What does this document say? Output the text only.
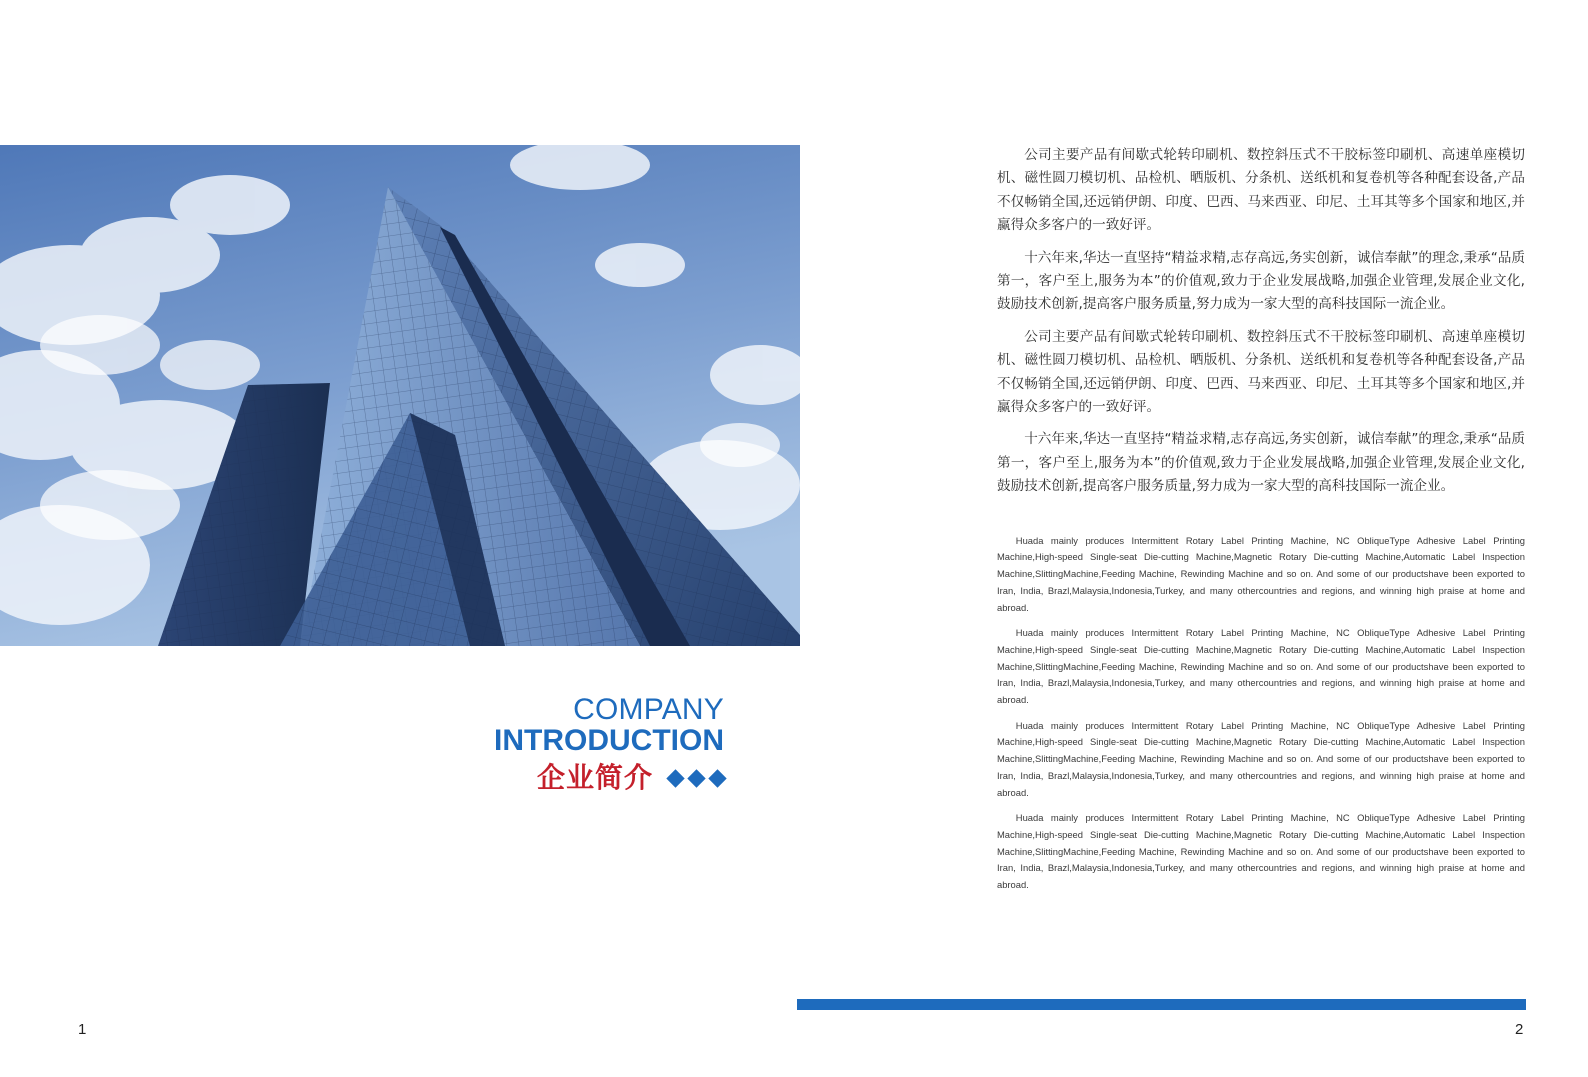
COMPANY
INTRODUCTION
企业简介
1

公司主要产品有间歇式轮转印刷机、数控斜压式不干胶标签印刷机、高速单座模切机、磁性圆刀模切机、品检机、晒版机、分条机、送纸机和复卷机等各种配套设备,产品不仅畅销全国,还远销伊朗、印度、巴西、马来西亚、印尼、土耳其等多个国家和地区,并赢得众多客户的一致好评。

十六年来,华达一直坚持“精益求精,志存高远,务实创新，诚信奉献”的理念,秉承“品质第一，客户至上,服务为本”的价值观,致力于企业发展战略,加强企业管理,发展企业文化,鼓励技术创新,提高客户服务质量,努力成为一家大型的高科技国际一流企业。

公司主要产品有间歇式轮转印刷机、数控斜压式不干胶标签印刷机、高速单座模切机、磁性圆刀模切机、品检机、晒版机、分条机、送纸机和复卷机等各种配套设备,产品不仅畅销全国,还远销伊朗、印度、巴西、马来西亚、印尼、土耳其等多个国家和地区,并赢得众多客户的一致好评。

十六年来,华达一直坚持“精益求精,志存高远,务实创新，诚信奉献”的理念,秉承“品质第一，客户至上,服务为本”的价值观,致力于企业发展战略,加强企业管理,发展企业文化,鼓励技术创新,提高客户服务质量,努力成为一家大型的高科技国际一流企业。

Huada mainly produces Intermittent Rotary Label Printing Machine, NC ObliqueType Adhesive Label Printing Machine,High-speed Single-seat Die-cutting Machine,Magnetic Rotary Die-cutting Machine,Automatic Label Inspection Machine,SlittingMachine,Feeding Machine, Rewinding Machine and so on. And some of our productshave been exported to Iran, India, Brazl,Malaysia,Indonesia,Turkey, and many othercountries and regions, and winning high praise at home and abroad.

Huada mainly produces Intermittent Rotary Label Printing Machine, NC ObliqueType Adhesive Label Printing Machine,High-speed Single-seat Die-cutting Machine,Magnetic Rotary Die-cutting Machine,Automatic Label Inspection Machine,SlittingMachine,Feeding Machine, Rewinding Machine and so on. And some of our productshave been exported to Iran, India, Brazl,Malaysia,Indonesia,Turkey, and many othercountries and regions, and winning high praise at home and abroad.

Huada mainly produces Intermittent Rotary Label Printing Machine, NC ObliqueType Adhesive Label Printing Machine,High-speed Single-seat Die-cutting Machine,Magnetic Rotary Die-cutting Machine,Automatic Label Inspection Machine,SlittingMachine,Feeding Machine, Rewinding Machine and so on. And some of our productshave been exported to Iran, India, Brazl,Malaysia,Indonesia,Turkey, and many othercountries and regions, and winning high praise at home and abroad.

Huada mainly produces Intermittent Rotary Label Printing Machine, NC ObliqueType Adhesive Label Printing Machine,High-speed Single-seat Die-cutting Machine,Magnetic Rotary Die-cutting Machine,Automatic Label Inspection Machine,SlittingMachine,Feeding Machine, Rewinding Machine and so on. And some of our productshave been exported to Iran, India, Brazl,Malaysia,Indonesia,Turkey, and many othercountries and regions, and winning high praise at home and abroad.

2
